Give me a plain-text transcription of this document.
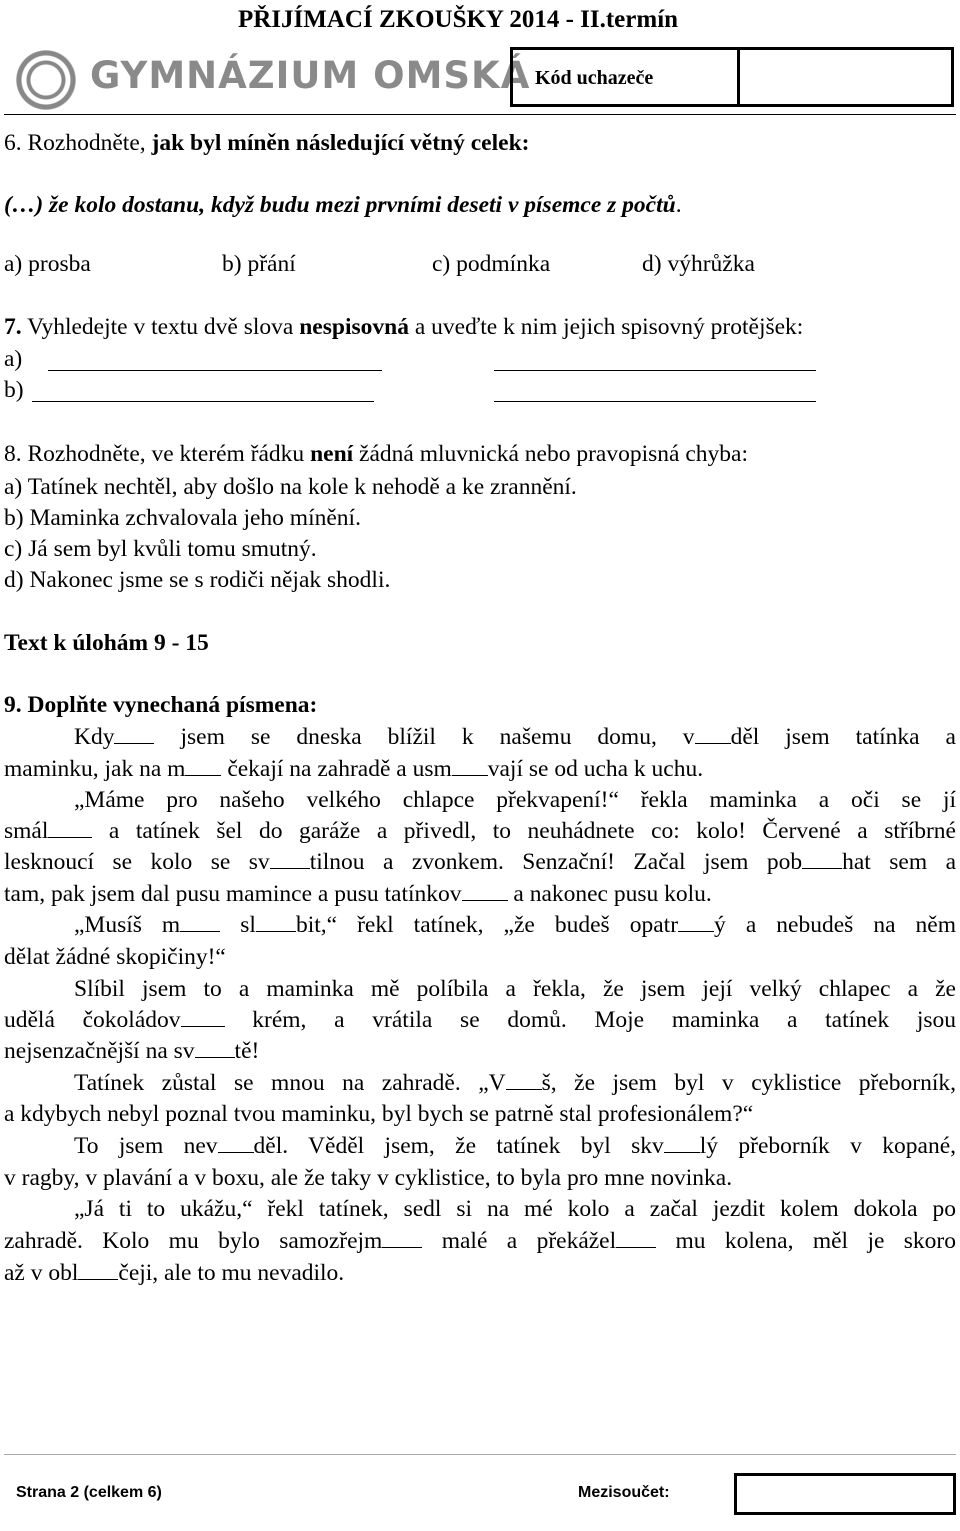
PŘIJÍMACÍ ZKOUŠKY 2014 - II.termín
GYMNÁZIUM OMSKÁ Kód uchazeče
6. Rozhodněte, jak byl míněn následující větný celek:
(…) že kolo dostanu, když budu mezi prvními deseti v písemce z počtů.
a) prosba	b) přání	c) podmínka	d) výhrůžka
7. Vyhledejte v textu dvě slova nespisovná a uveďte k nim jejich spisovný protějšek:
a)
b)
8. Rozhodněte, ve kterém řádku není žádná mluvnická nebo pravopisná chyba:
a) Tatínek nechtěl, aby došlo na kole k nehodě a ke zrannění.
b) Maminka zchvalovala jeho mínění.
c) Já sem byl kvůli tomu smutný.
d) Nakonec jsme se s rodiči nějak shodli.
Text k úlohám 9 - 15
9. Doplňte vynechaná písmena:
Kdy	jsem se dneska blížil k našemu domu, v děl jsem tatínka a
maminku, jak na m čekají na zahradě a usm vají se od ucha k uchu.
„Máme pro našeho velkého chlapce překvapení!“ řekla maminka a oči se jí
smál	a tatínek šel do garáže a přivedl, to neuhádnete co: kolo! Červené a stříbrné
lesknoucí se kolo se sv tilnou a zvonkem. Senzační! Začal jsem pob hat sem a
tam, pak jsem dal pusu mamince a pusu tatínkov a nakonec pusu kolu.
„Musíš m	sl bit,“ řekl tatínek, „že budeš opatr ý a nebudeš na něm
dělat žádné skopičiny!“
Slíbil jsem to a maminka mě políbila a řekla, že jsem její velký chlapec a že
udělá čokoládov	krém, a vrátila se domů. Moje maminka a tatínek jsou
nejsenzačnější na sv tě!
Tatínek zůstal se mnou na zahradě. „V š, že jsem byl v cyklistice přeborník,
a kdybych nebyl poznal tvou maminku, byl bych se patrně stal profesionálem?“
To jsem nev děl. Věděl jsem, že tatínek byl skv lý přeborník v kopané,
v ragby, v plavání a v boxu, ale že taky v cyklistice, to byla pro mne novinka.
„Já ti to ukážu,“ řekl tatínek, sedl si na mé kolo a začal jezdit kolem dokola po
zahradě. Kolo mu bylo samozřejm	malé a překážel	mu kolena, měl je skoro
až v obl čeji, ale to mu nevadilo.
Strana 2 (celkem 6)	Mezisoučet:
